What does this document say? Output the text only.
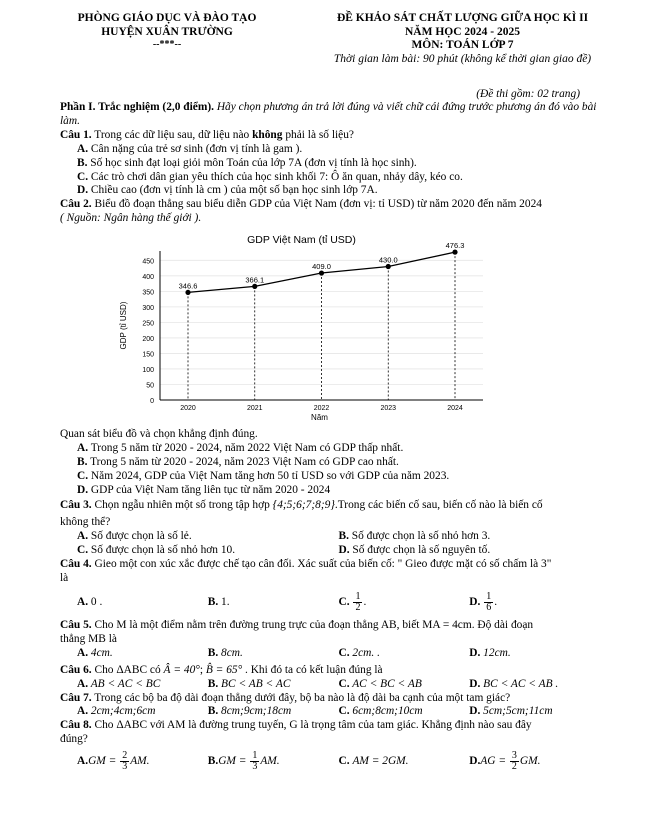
PHÒNG GIÁO DỤC VÀ ĐÀO TẠO
HUYỆN XUÂN TRƯỜNG
--***--
ĐỀ KHẢO SÁT CHẤT LƯỢNG GIỮA HỌC KÌ II
NĂM HỌC 2024 - 2025
MÔN: TOÁN LỚP 7
Thời gian làm bài: 90 phút (không kể thời gian giao đề)
(Đề thi gồm: 02 trang)

Phần I. Trắc nghiệm (2,0 điểm). Hãy chọn phương án trả lời đúng và viết chữ cái đứng trước phương án đó vào bài làm.

Câu 1. Trong các dữ liệu sau, dữ liệu nào không phải là số liệu?

A. Cân nặng của trẻ sơ sinh (đơn vị tính là gam ).

B. Số học sinh đạt loại giỏi môn Toán của lớp 7A (đơn vị tính là học sinh).

C. Các trò chơi dân gian yêu thích của học sinh khối 7: Ô ăn quan, nhảy dây, kéo co.

D. Chiều cao (đơn vị tính là cm ) của một số bạn học sinh lớp 7A.

Câu 2. Biểu đồ đoạn thẳng sau biểu diễn GDP của Việt Nam (đơn vị: tỉ USD) từ năm 2020 đến năm 2024

( Nguồn: Ngân hàng thế giới ).

GDP Việt Nam (tỉ USD)
0
50
100
150
200
250
300
350
400
450
2020	2021	2022	2023	2024
346.6
366.1
409.0
430.0
476.3
Năm
GDP (tỉ USD)

Quan sát biểu đồ và chọn khẳng định đúng.

A. Trong 5 năm từ 2020 - 2024, năm 2022 Việt Nam có GDP thấp nhất.

B. Trong 5 năm từ 2020 - 2024, năm 2023 Việt Nam có GDP cao nhất.

C. Năm 2024, GDP của Việt Nam tăng hơn 50 tỉ USD so với GDP của năm 2023.

D. GDP của Việt Nam tăng liên tục từ năm 2020 - 2024

Câu 3. Chọn ngẫu nhiên một số trong tập hợp {4;5;6;7;8;9}.Trong các biến cố sau, biến cố nào là biến cố

không thể?

A. Số được chọn là số lẻ.	B. Số được chọn là số nhỏ hơn 3.
C. Số được chọn là số nhỏ hơn 10.	D. Số được chọn là số nguyên tố.

Câu 4. Gieo một con xúc xắc được chế tạo cân đối. Xác suất của biến cố: " Gieo được mặt có số chấm là 3"

là

A. 0 .	B. 1.	C. $\frac{1}{2}$ .	D. $\frac{1}{6}$ .

Câu 5. Cho M là một điểm nằm trên đường trung trực của đoạn thẳng AB, biết MA = 4cm. Độ dài đoạn

thẳng MB là

A. 4cm.	B. 8cm.	C. 2cm. .	D. 12cm.

Câu 6. Cho ΔABC có Â = 40°; B̂ = 65° . Khi đó ta có kết luận đúng là

A. AB < AC < BC	B. BC < AB < AC	C. AC < BC < AB	D. BC < AC < AB .

Câu 7. Trong các bộ ba độ dài đoạn thẳng dưới đây, bộ ba nào là độ dài ba cạnh của một tam giác?

A. 2cm;4cm;6cm	B. 8cm;9cm;18cm	C. 6cm;8cm;10cm	D. 5cm;5cm;11cm

Câu 8. Cho ΔABC với AM là đường trung tuyến, G là trọng tâm của tam giác. Khẳng định nào sau đây

đúng?

$A.GM = \frac{2}{3}$ AM.	$B.GM = \frac{1}{3}$ AM.	C. AM = 2GM.	$D.AG = \frac{3}{2}$ GM.
